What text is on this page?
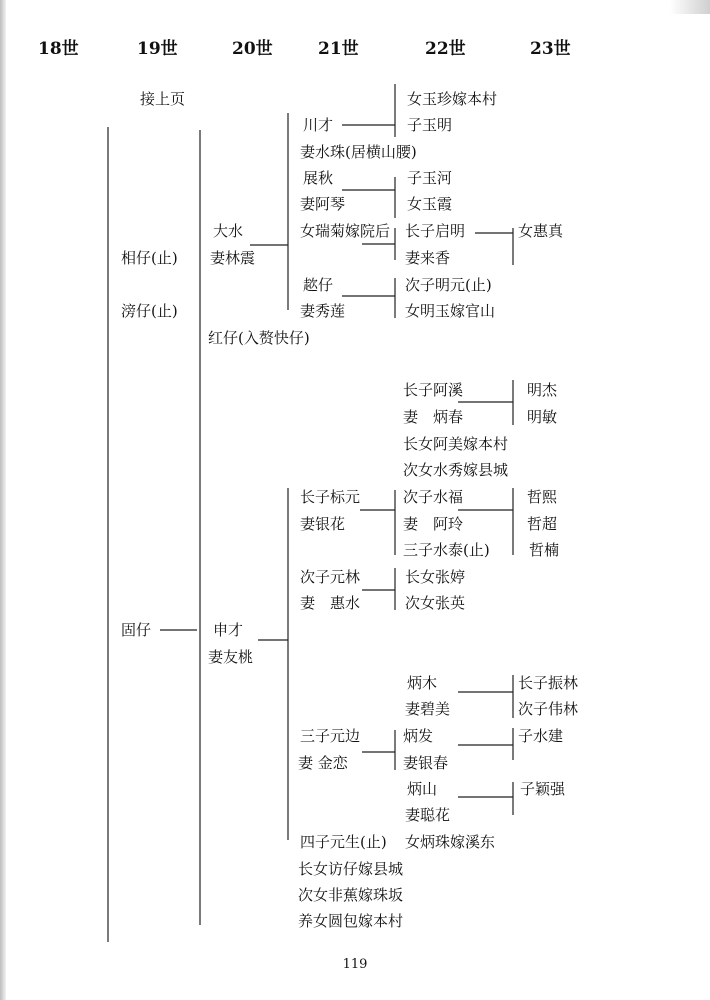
18世	19世	20世	21世	22世	23世
接上页
相仔(止)
滂仔(止)
固仔
大水
妻林震
红仔(入赘快仔)
申才
妻友桃
川才
妻水珠(居横山腰)
展秋
妻阿琴
女瑞菊嫁院后
趑仔
妻秀莲
长子标元
妻银花
次子元林
妻　惠水
三子元边
妻 金恋
四子元生(止)
长女访仔嫁县城
次女非蕉嫁珠坂
养女圆包嫁本村
女玉珍嫁本村
子玉明
子玉河
女玉霞
长子启明
妻来香
次子明元(止)
女明玉嫁官山
长子阿溪
妻　炳春
长女阿美嫁本村
次女水秀嫁县城
次子水福
妻　阿玲
三子水泰(止)
长女张婷
次女张英
炳木
妻碧美
炳发
妻银春
炳山
妻聪花
女炳珠嫁溪东
女惠真
明杰
明敏
哲熙
哲超
哲楠
长子振林
次子伟林
子水建
子颖强
119
